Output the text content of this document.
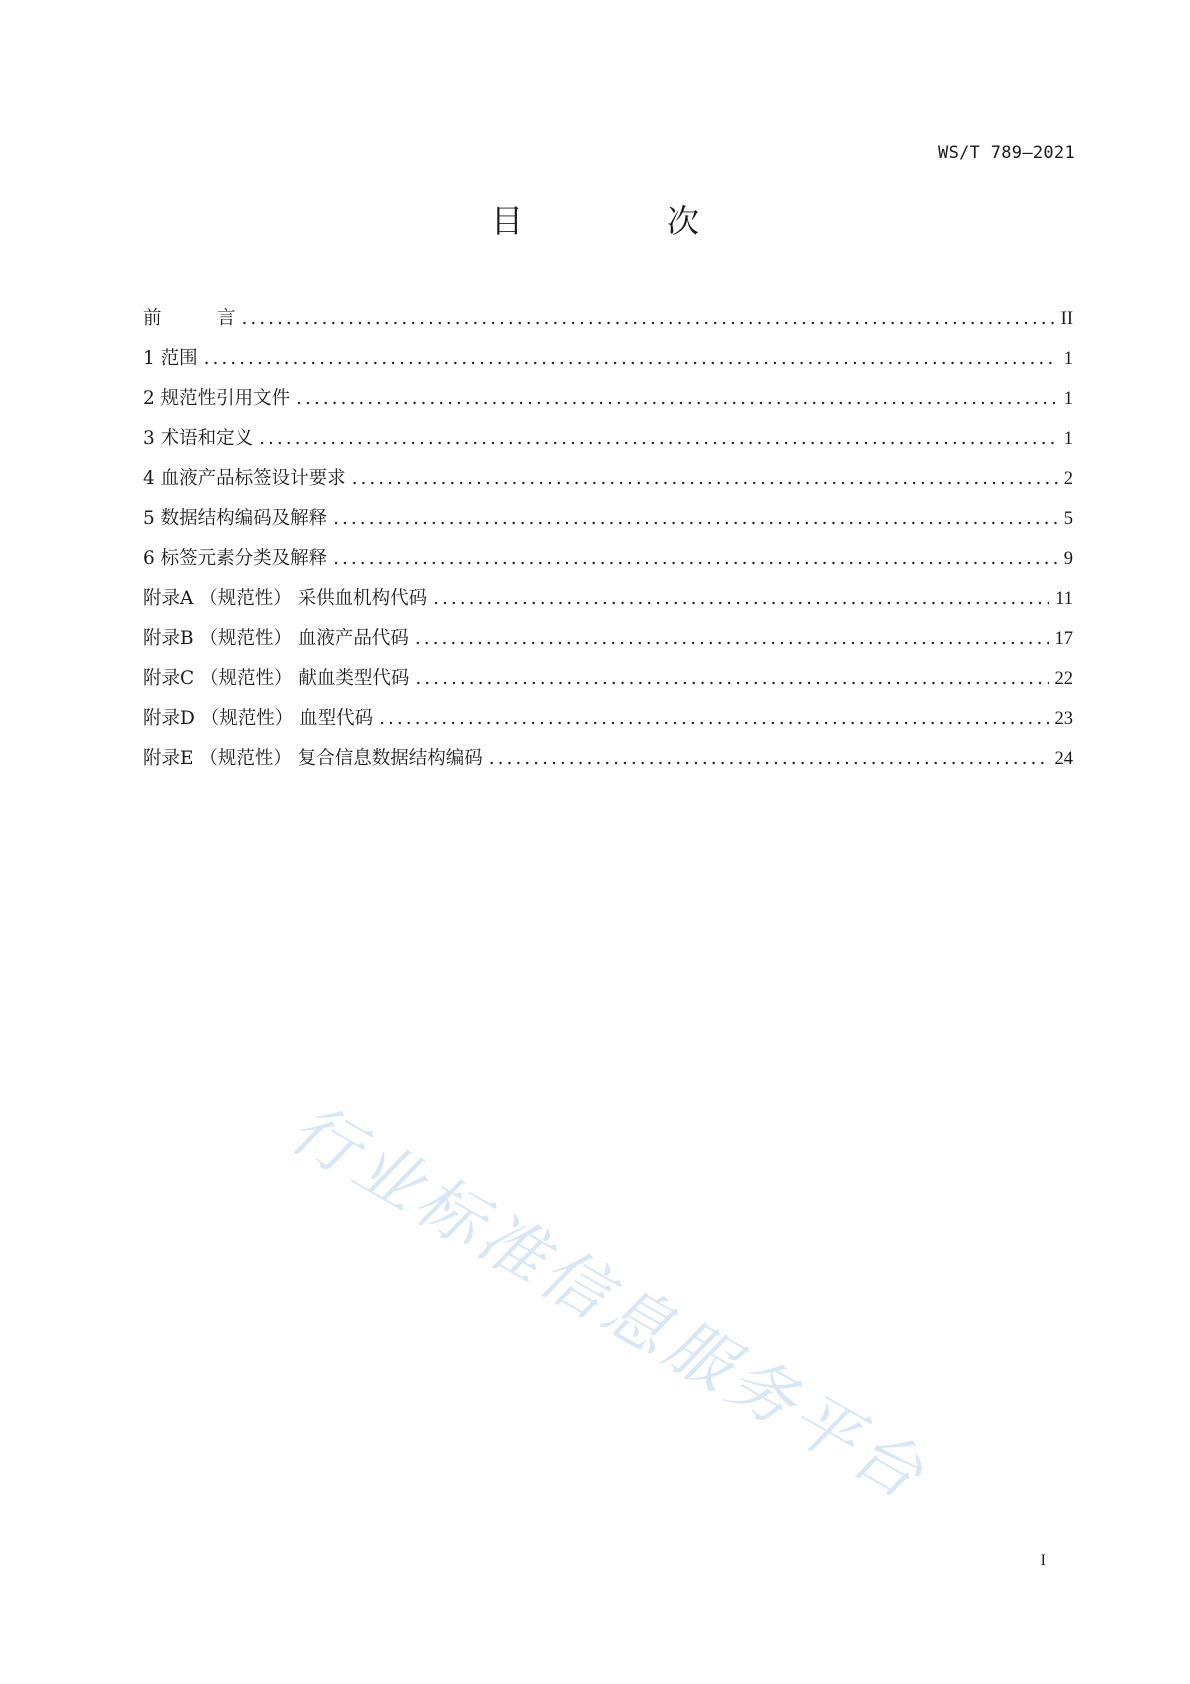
WS/T 789—2021
目　次
前　　　言 .....	II
1 范围 .....	1
2 规范性引用文件 .....	1
3 术语和定义 .....	1
4 血液产品标签设计要求 .....	2
5 数据结构编码及解释 .....	5
6 标签元素分类及解释 .....	9
附录A （规范性） 采供血机构代码 .....	11
附录B （规范性） 血液产品代码 .....	17
附录C （规范性） 献血类型代码 .....	22
附录D （规范性） 血型代码 .....	23
附录E （规范性） 复合信息数据结构编码 .....	24
行业标准信息服务平台
I
